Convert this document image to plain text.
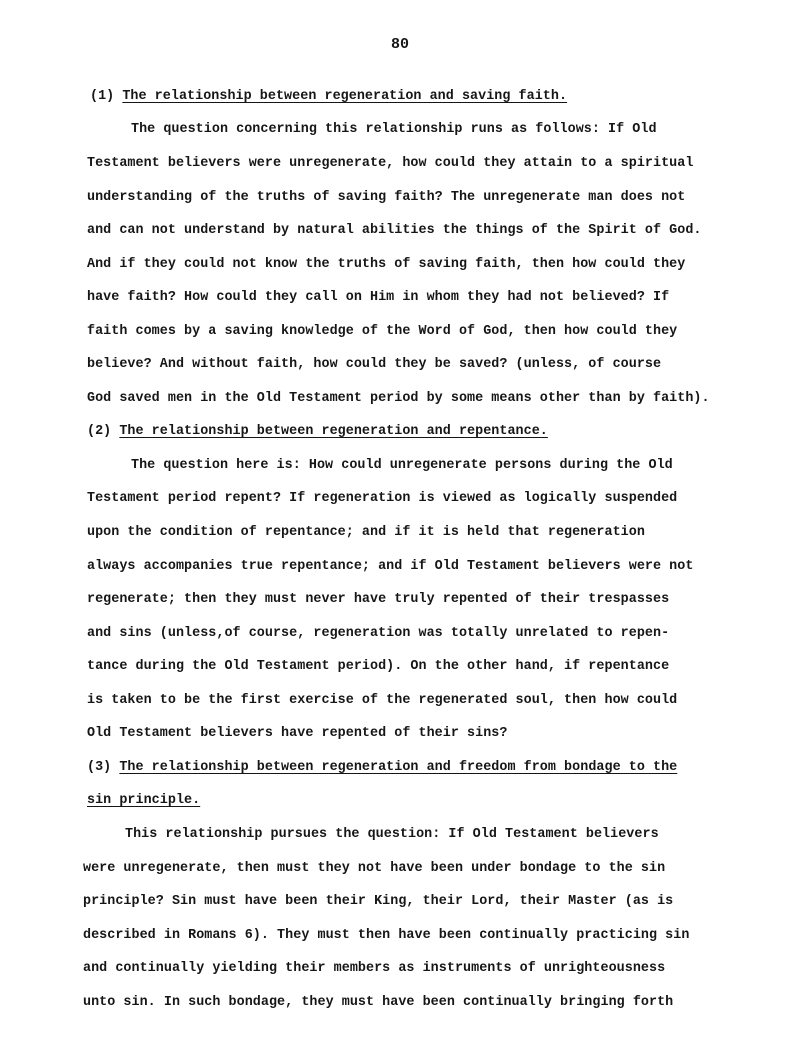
80
(1) The relationship between regeneration and saving faith.
The question concerning this relationship runs as follows: If Old
Testament believers were unregenerate, how could they attain to a spiritual
understanding of the truths of saving faith? The unregenerate man does not
and can not understand by natural abilities the things of the Spirit of God.
And if they could not know the truths of saving faith, then how could they
have faith? How could they call on Him in whom they had not believed? If
faith comes by a saving knowledge of the Word of God, then how could they
believe? And without faith, how could they be saved? (unless, of course
God saved men in the Old Testament period by some means other than by faith).
(2) The relationship between regeneration and repentance.
The question here is: How could unregenerate persons during the Old
Testament period repent? If regeneration is viewed as logically suspended
upon the condition of repentance; and if it is held that regeneration
always accompanies true repentance; and if Old Testament believers were not
regenerate; then they must never have truly repented of their trespasses
and sins (unless,of course, regeneration was totally unrelated to repen-
tance during the Old Testament period). On the other hand, if repentance
is taken to be the first exercise of the regenerated soul, then how could
Old Testament believers have repented of their sins?
(3) The relationship between regeneration and freedom from bondage to the
sin principle.
This relationship pursues the question: If Old Testament believers
were unregenerate, then must they not have been under bondage to the sin
principle? Sin must have been their King, their Lord, their Master (as is
described in Romans 6). They must then have been continually practicing sin
and continually yielding their members as instruments of unrighteousness
unto sin. In such bondage, they must have been continually bringing forth
